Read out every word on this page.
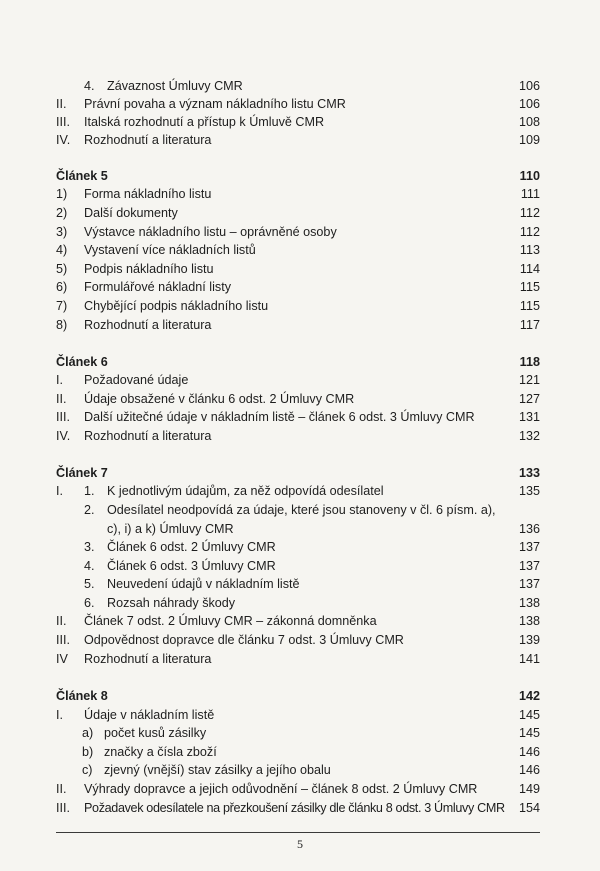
4. Závaznost Úmluvy CMR	106
II. Právní povaha a význam nákladního listu CMR	106
III. Italská rozhodnutí a přístup k Úmluvě CMR	108
IV. Rozhodnutí a literatura	109
Článek 5	110
1) Forma nákladního listu	111
2) Další dokumenty	112
3) Výstavce nákladního listu – oprávněné osoby	112
4) Vystavení více nákladních listů	113
5) Podpis nákladního listu	114
6) Formulářové nákladní listy	115
7) Chybějící podpis nákladního listu	115
8) Rozhodnutí a literatura	117
Článek 6	118
I. Požadované údaje	121
II. Údaje obsažené v článku 6 odst. 2 Úmluvy CMR	127
III. Další užitečné údaje v nákladním listě – článek 6 odst. 3 Úmluvy CMR	131
IV. Rozhodnutí a literatura	132
Článek 7	133
I. 1. K jednotlivým údajům, za něž odpovídá odesílatel	135
2. Odesílatel neodpovídá za údaje, které jsou stanoveny v čl. 6 písm. a),
c), i) a k) Úmluvy CMR	136
3. Článek 6 odst. 2 Úmluvy CMR	137
4. Článek 6 odst. 3 Úmluvy CMR	137
5. Neuvedení údajů v nákladním listě	137
6. Rozsah náhrady škody	138
II. Článek 7 odst. 2 Úmluvy CMR – zákonná domněnka	138
III. Odpovědnost dopravce dle článku 7 odst. 3 Úmluvy CMR	139
IV Rozhodnutí a literatura	141
Článek 8	142
I. Údaje v nákladním listě	145
a) počet kusů zásilky	145
b) značky a čísla zboží	146
c) zjevný (vnější) stav zásilky a jejího obalu	146
II. Výhrady dopravce a jejich odůvodnění – článek 8 odst. 2 Úmluvy CMR	149
III. Požadavek odesílatele na přezkoušení zásilky dle článku 8 odst. 3 Úmluvy CMR 154
5
